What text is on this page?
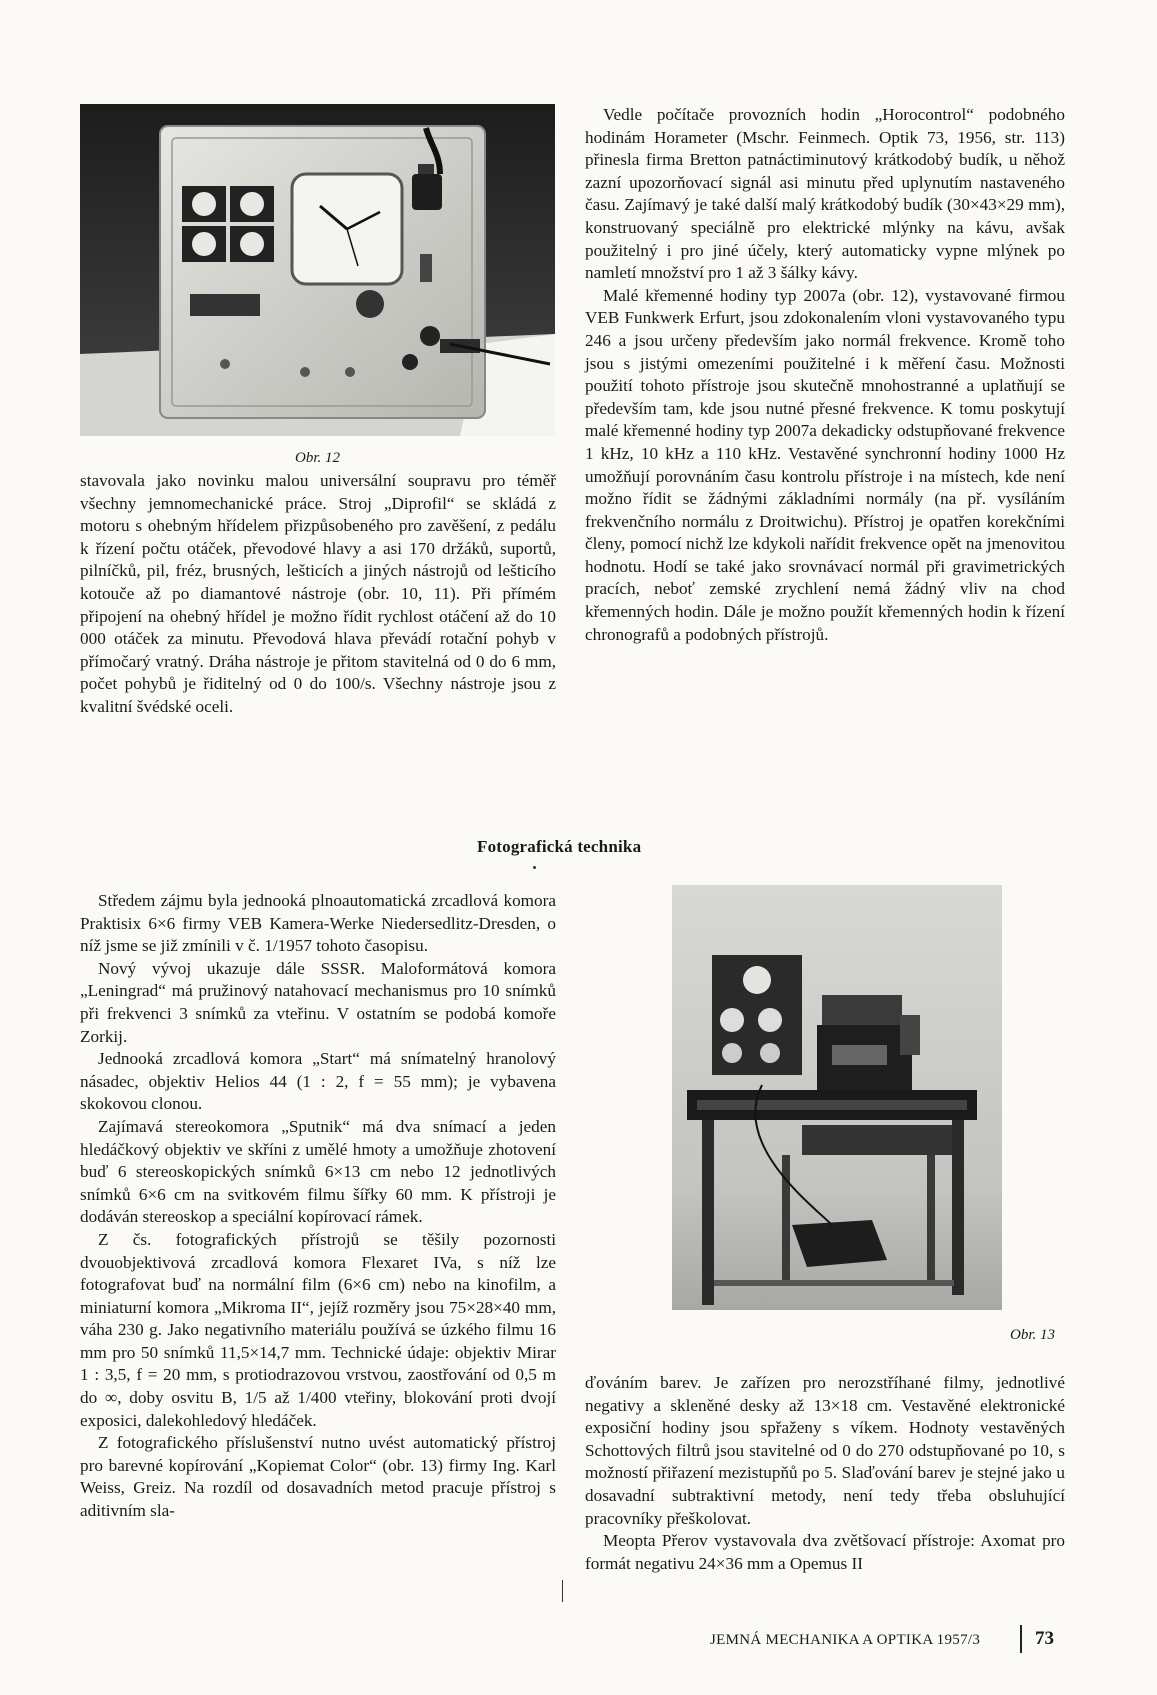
Obr. 12

stavovala jako novinku malou universální soupravu pro téměř všechny jemnomechanické práce. Stroj „Diprofil“ se skládá z motoru s ohebným hřídelem přizpůsobeného pro zavěšení, z pedálu k řízení počtu otáček, převodové hlavy a asi 170 držáků, suportů, pilníčků, pil, fréz, brusných, lešticích a jiných nástrojů od lešticího kotouče až po diamantové nástroje (obr. 10, 11). Při přímém připojení na ohebný hřídel je možno řídit rychlost otáčení až do 10 000 otáček za minutu. Převodová hlava převádí rotační pohyb v přímočarý vratný. Dráha nástroje je přitom stavitelná od 0 do 6 mm, počet pohybů je řiditelný od 0 do 100/s. Všechny nástroje jsou z kvalitní švédské oceli.

Vedle počítače provozních hodin „Horocontrol“ podobného hodinám Horameter (Mschr. Feinmech. Optik 73, 1956, str. 113) přinesla firma Bretton patnáctiminutový krátkodobý budík, u něhož zazní upozorňovací signál asi minutu před uplynutím nastaveného času. Zajímavý je také další malý krátkodobý budík (30×43×29 mm), konstruovaný speciálně pro elektrické mlýnky na kávu, avšak použitelný i pro jiné účely, který automaticky vypne mlýnek po namletí množství pro 1 až 3 šálky kávy.

Malé křemenné hodiny typ 2007a (obr. 12), vystavované firmou VEB Funkwerk Erfurt, jsou zdokonalením vloni vystavovaného typu 246 a jsou určeny především jako normál frekvence. Kromě toho jsou s jistými omezeními použitelné i k měření času. Možnosti použití tohoto přístroje jsou skutečně mnohostranné a uplatňují se především tam, kde jsou nutné přesné frekvence. K tomu poskytují malé křemenné hodiny typ 2007a dekadicky odstupňované frekvence 1 kHz, 10 kHz a 110 kHz. Vestavěné synchronní hodiny 1000 Hz umožňují porovnáním času kontrolu přístroje i na místech, kde není možno řídit se žádnými základními normály (na př. vysíláním frekvenčního normálu z Droitwichu). Přístroj je opatřen korekčními členy, pomocí nichž lze kdykoli nařídit frekvence opět na jmenovitou hodnotu. Hodí se také jako srovnávací normál při gravimetrických pracích, neboť zemské zrychlení nemá žádný vliv na chod křemenných hodin. Dále je možno použít křemenných hodin k řízení chronografů a podobných přístrojů.

Fotografická technika

Středem zájmu byla jednooká plnoautomatická zrcadlová komora Praktisix 6×6 firmy VEB Kamera-Werke Niedersedlitz-Dresden, o níž jsme se již zmínili v č. 1/1957 tohoto časopisu.

Nový vývoj ukazuje dále SSSR. Maloformátová komora „Leningrad“ má pružinový natahovací mechanismus pro 10 snímků při frekvenci 3 snímků za vteřinu. V ostatním se podobá komoře Zorkij.

Jednooká zrcadlová komora „Start“ má snímatelný hranolový násadec, objektiv Helios 44 (1 : 2, f = 55 mm); je vybavena skokovou clonou.

Zajímavá stereokomora „Sputnik“ má dva snímací a jeden hledáčkový objektiv ve skříni z umělé hmoty a umožňuje zhotovení buď 6 stereoskopických snímků 6×13 cm nebo 12 jednotlivých snímků 6×6 cm na svitkovém filmu šířky 60 mm. K přístroji je dodáván stereoskop a speciální kopírovací rámek.

Z čs. fotografických přístrojů se těšily pozornosti dvouobjektivová zrcadlová komora Flexaret IVa, s níž lze fotografovat buď na normální film (6×6 cm) nebo na kinofilm, a miniaturní komora „Mikroma II“, jejíž rozměry jsou 75×28×40 mm, váha 230 g. Jako negativního materiálu používá se úzkého filmu 16 mm pro 50 snímků 11,5×14,7 mm. Technické údaje: objektiv Mirar 1 : 3,5, f = 20 mm, s protiodrazovou vrstvou, zaostřování od 0,5 m do ∞, doby osvitu B, 1/5 až 1/400 vteřiny, blokování proti dvojí exposici, dalekohledový hledáček.

Z fotografického příslušenství nutno uvést automatický přístroj pro barevné kopírování „Kopiemat Color“ (obr. 13) firmy Ing. Karl Weiss, Greiz. Na rozdíl od dosavadních metod pracuje přístroj s aditivním sla-

Obr. 13

ďováním barev. Je zařízen pro nerozstříhané filmy, jednotlivé negativy a skleněné desky až 13×18 cm. Vestavěné elektronické exposiční hodiny jsou spřaženy s víkem. Hodnoty vestavěných Schottových filtrů jsou stavitelné od 0 do 270 odstupňované po 10, s možností přiřazení mezistupňů po 5. Slaďování barev je stejné jako u dosavadní subtraktivní metody, není tedy třeba obsluhující pracovníky přeškolovat.

Meopta Přerov vystavovala dva zvětšovací přístroje: Axomat pro formát negativu 24×36 mm a Opemus II

JEMNÁ MECHANIKA A OPTIKA 1957/3	73
